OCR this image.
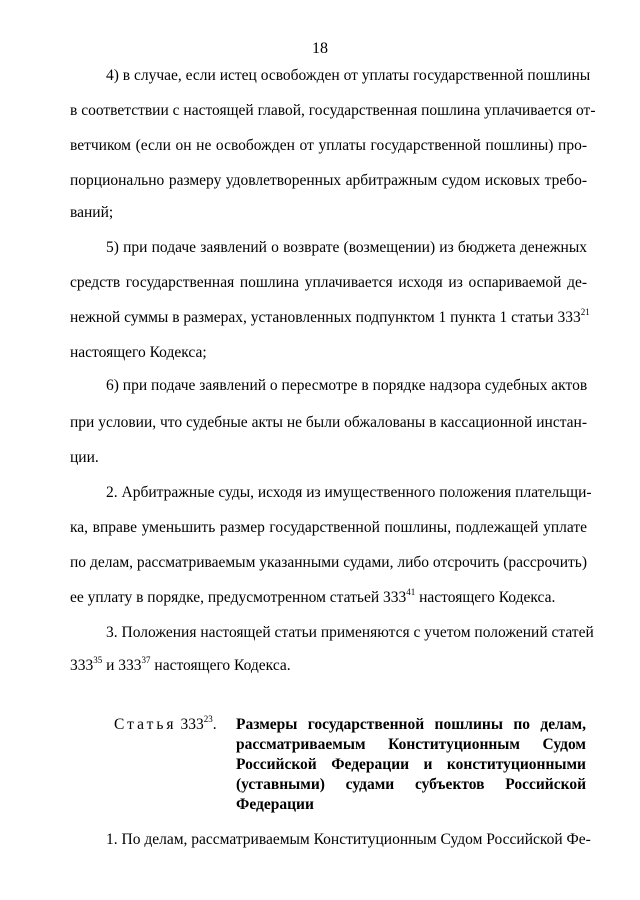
18
4) в случае, если истец освобожден от уплаты государственной пошлины
в соответствии с настоящей главой, государственная пошлина уплачивается от-
ветчиком (если он не освобожден от уплаты государственной пошлины) про-
порционально размеру удовлетворенных арбитражным судом исковых требо-
ваний;
5) при подаче заявлений о возврате (возмещении) из бюджета денежных
средств государственная пошлина уплачивается исходя из оспариваемой де-
нежной суммы в размерах, установленных подпунктом 1 пункта 1 статьи $333^{21}$
настоящего Кодекса;
6) при подаче заявлений о пересмотре в порядке надзора судебных актов
при условии, что судебные акты не были обжалованы в кассационной инстан-
ции.
2. Арбитражные суды, исходя из имущественного положения плательщи-
ка, вправе уменьшить размер государственной пошлины, подлежащей уплате
по делам, рассматриваемым указанными судами, либо отсрочить (рассрочить)
ее уплату в порядке, предусмотренном статьей $333^{41}$ настоящего Кодекса.
3. Положения настоящей статьи применяются с учетом положений статей
$333^{35}$ и $333^{37}$ настоящего Кодекса.
Статья $333^{23}$. Размеры государственной пошлины по делам,
рассматриваемым Конституционным Судом
Российской Федерации и конституционными
(уставными) судами субъектов Российской
Федерации
1. По делам, рассматриваемым Конституционным Судом Российской Фе-
